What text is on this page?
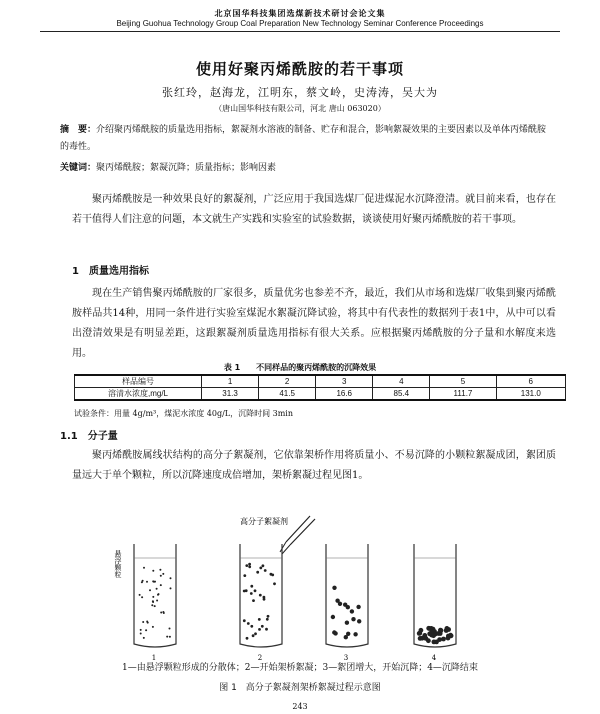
北京国华科技集团选煤新技术研讨会论文集
Beijing Guohua Technology Group Coal Preparation New Technology Seminar Conference Proceedings
使用好聚丙烯酰胺的若干事项
张红玲，赵海龙，江明东，蔡文岭，史涛涛，吴大为
（唐山国华科技有限公司，河北 唐山 063020）
摘　要：介绍聚丙烯酰胺的质量选用指标，絮凝剂水溶液的制备、贮存和混合，影响絮凝效果的主要因素以及单体丙烯酰胺的毒性。
关键词：聚丙烯酰胺；絮凝沉降；质量指标；影响因素
聚丙烯酰胺是一种效果良好的絮凝剂，广泛应用于我国选煤厂促进煤泥水沉降澄清。就目前来看，也存在若干值得人们注意的问题，本文就生产实践和实验室的试验数据，谈谈使用好聚丙烯酰胺的若干事项。
1　质量选用指标
现在生产销售聚丙烯酰胺的厂家很多，质量优劣也参差不齐，最近，我们从市场和选煤厂收集到聚丙烯酰胺样品共14种，用同一条件进行实验室煤泥水絮凝沉降试验，将其中有代表性的数据列于表1中，从中可以看出澄清效果是有明显差距，这跟絮凝剂质量选用指标有很大关系。应根据聚丙烯酰胺的分子量和水解度来选用。
表 1　　不同样品的聚丙烯酰胺的沉降效果
样品编号	1	2	3	4	5	6
溶清水浓度,mg/L	31.3	41.5	16.6	85.4	111.7	131.0
试验条件：用量 4g/m³，煤泥水浓度 40g/L，沉降时间 3min
1.1　分子量
聚丙烯酰胺属线状结构的高分子絮凝剂，它依靠架桥作用将质量小、不易沉降的小颗粒絮凝成团，絮团质量远大于单个颗粒，所以沉降速度成倍增加，架桥絮凝过程见图1。
高分子絮凝剂
悬浮颗粒
1	2	3	4
1—由悬浮颗粒形成的分散体；2—开始架桥絮凝；3—絮团增大，开始沉降；4—沉降结束
图 1　高分子絮凝剂架桥絮凝过程示意图
243
